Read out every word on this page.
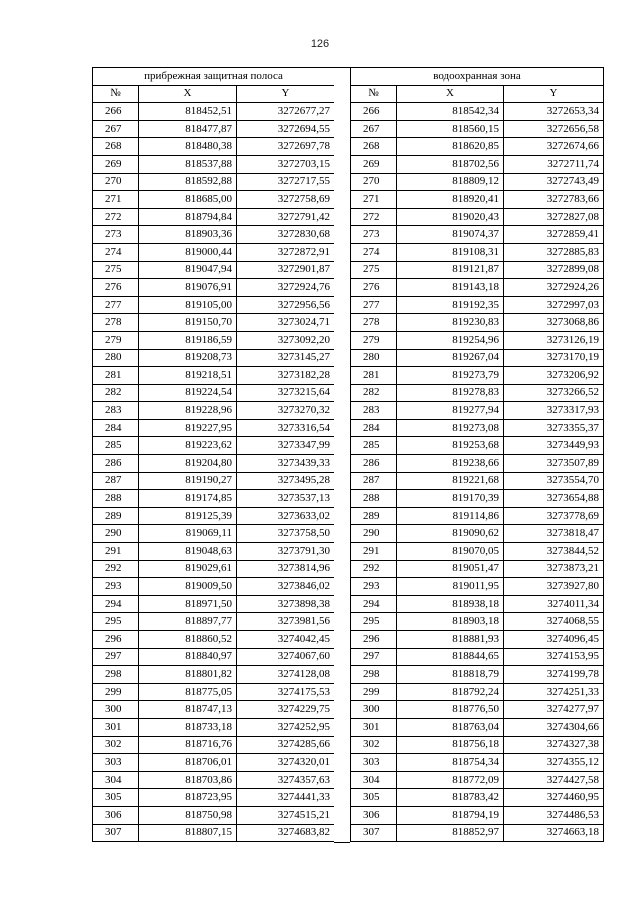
126
прибрежная защитная полоса		
№	X	Y
266	818452,51	3272677,27
267	818477,87	3272694,55
268	818480,38	3272697,78
269	818537,88	3272703,15
270	818592,88	3272717,55
271	818685,00	3272758,69
272	818794,84	3272791,42
273	818903,36	3272830,68
274	819000,44	3272872,91
275	819047,94	3272901,87
276	819076,91	3272924,76
277	819105,00	3272956,56
278	819150,70	3273024,71
279	819186,59	3273092,20
280	819208,73	3273145,27
281	819218,51	3273182,28
282	819224,54	3273215,64
283	819228,96	3273270,32
284	819227,95	3273316,54
285	819223,62	3273347,99
286	819204,80	3273439,33
287	819190,27	3273495,28
288	819174,85	3273537,13
289	819125,39	3273633,02
290	819069,11	3273758,50
291	819048,63	3273791,30
292	819029,61	3273814,96
293	819009,50	3273846,02
294	818971,50	3273898,38
295	818897,77	3273981,56
296	818860,52	3274042,45
297	818840,97	3274067,60
298	818801,82	3274128,08
299	818775,05	3274175,53
300	818747,13	3274229,75
301	818733,18	3274252,95
302	818716,76	3274285,66
303	818706,01	3274320,01
304	818703,86	3274357,63
305	818723,95	3274441,33
306	818750,98	3274515,21
307	818807,15	3274683,82
водоохранная зона		
№	X	Y
266	818542,34	3272653,34
267	818560,15	3272656,58
268	818620,85	3272674,66
269	818702,56	3272711,74
270	818809,12	3272743,49
271	818920,41	3272783,66
272	819020,43	3272827,08
273	819074,37	3272859,41
274	819108,31	3272885,83
275	819121,87	3272899,08
276	819143,18	3272924,26
277	819192,35	3272997,03
278	819230,83	3273068,86
279	819254,96	3273126,19
280	819267,04	3273170,19
281	819273,79	3273206,92
282	819278,83	3273266,52
283	819277,94	3273317,93
284	819273,08	3273355,37
285	819253,68	3273449,93
286	819238,66	3273507,89
287	819221,68	3273554,70
288	819170,39	3273654,88
289	819114,86	3273778,69
290	819090,62	3273818,47
291	819070,05	3273844,52
292	819051,47	3273873,21
293	819011,95	3273927,80
294	818938,18	3274011,34
295	818903,18	3274068,55
296	818881,93	3274096,45
297	818844,65	3274153,95
298	818818,79	3274199,78
299	818792,24	3274251,33
300	818776,50	3274277,97
301	818763,04	3274304,66
302	818756,18	3274327,38
303	818754,34	3274355,12
304	818772,09	3274427,58
305	818783,42	3274460,95
306	818794,19	3274486,53
307	818852,97	3274663,18
